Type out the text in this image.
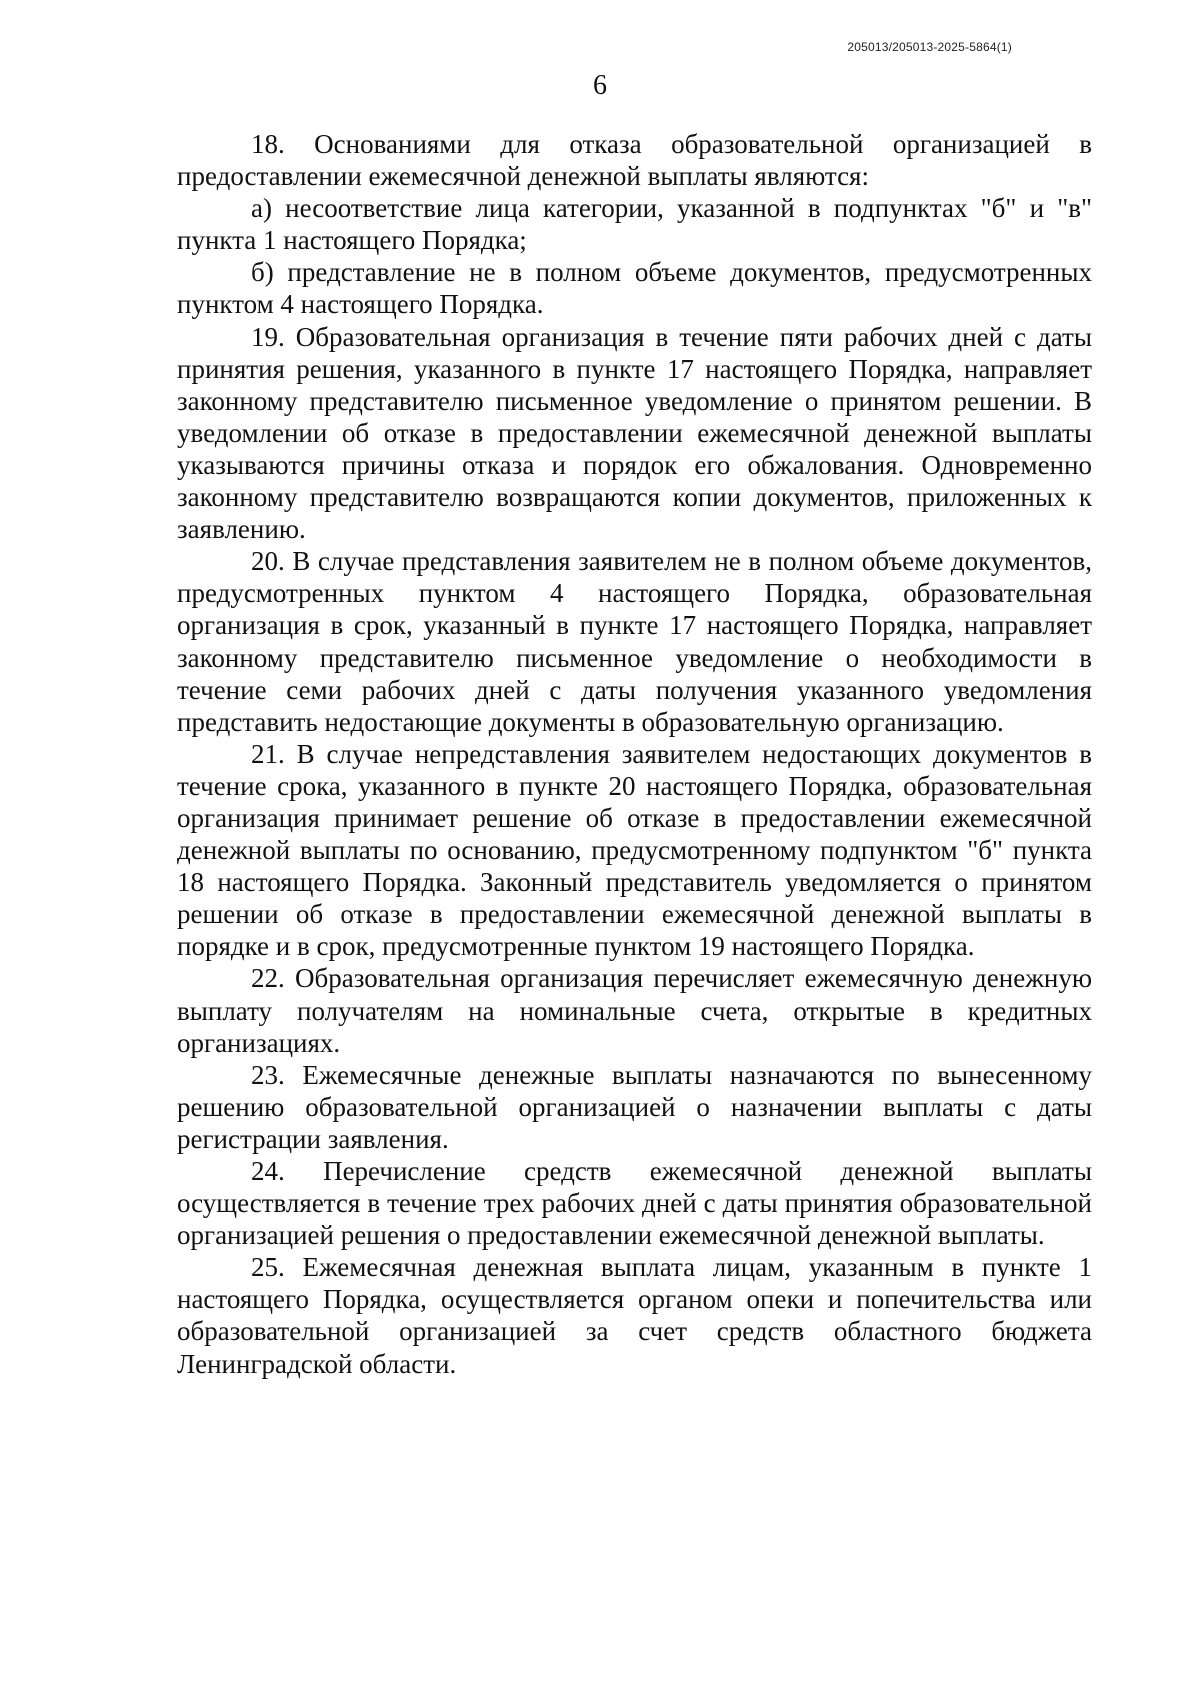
205013/205013-2025-5864(1)
6

18. Основаниями для отказа образовательной организацией в предоставлении ежемесячной денежной выплаты являются:

а) несоответствие лица категории, указанной в подпунктах "б" и "в" пункта 1 настоящего Порядка;

б) представление не в полном объеме документов, предусмотренных пунктом 4 настоящего Порядка.

19. Образовательная организация в течение пяти рабочих дней с даты принятия решения, указанного в пункте 17 настоящего Порядка, направляет законному представителю письменное уведомление о принятом решении. В уведомлении об отказе в предоставлении ежемесячной денежной выплаты указываются причины отказа и порядок его обжалования. Одновременно законному представителю возвращаются копии документов, приложенных к заявлению.

20. В случае представления заявителем не в полном объеме документов, предусмотренных пунктом 4 настоящего Порядка, образовательная организация в срок, указанный в пункте 17 настоящего Порядка, направляет законному представителю письменное уведомление о необходимости в течение семи рабочих дней с даты получения указанного уведомления представить недостающие документы в образовательную организацию.

21. В случае непредставления заявителем недостающих документов в течение срока, указанного в пункте 20 настоящего Порядка, образовательная организация принимает решение об отказе в предоставлении ежемесячной денежной выплаты по основанию, предусмотренному подпунктом "б" пункта 18 настоящего Порядка. Законный представитель уведомляется о принятом решении об отказе в предоставлении ежемесячной денежной выплаты в порядке и в срок, предусмотренные пунктом 19 настоящего Порядка.

22. Образовательная организация перечисляет ежемесячную денежную выплату получателям на номинальные счета, открытые в кредитных организациях.

23. Ежемесячные денежные выплаты назначаются по вынесенному решению образовательной организацией о назначении выплаты с даты регистрации заявления.

24. Перечисление средств ежемесячной денежной выплаты осуществляется в течение трех рабочих дней с даты принятия образовательной организацией решения о предоставлении ежемесячной денежной выплаты.

25. Ежемесячная денежная выплата лицам, указанным в пункте 1 настоящего Порядка, осуществляется органом опеки и попечительства или образовательной организацией за счет средств областного бюджета Ленинградской области.
